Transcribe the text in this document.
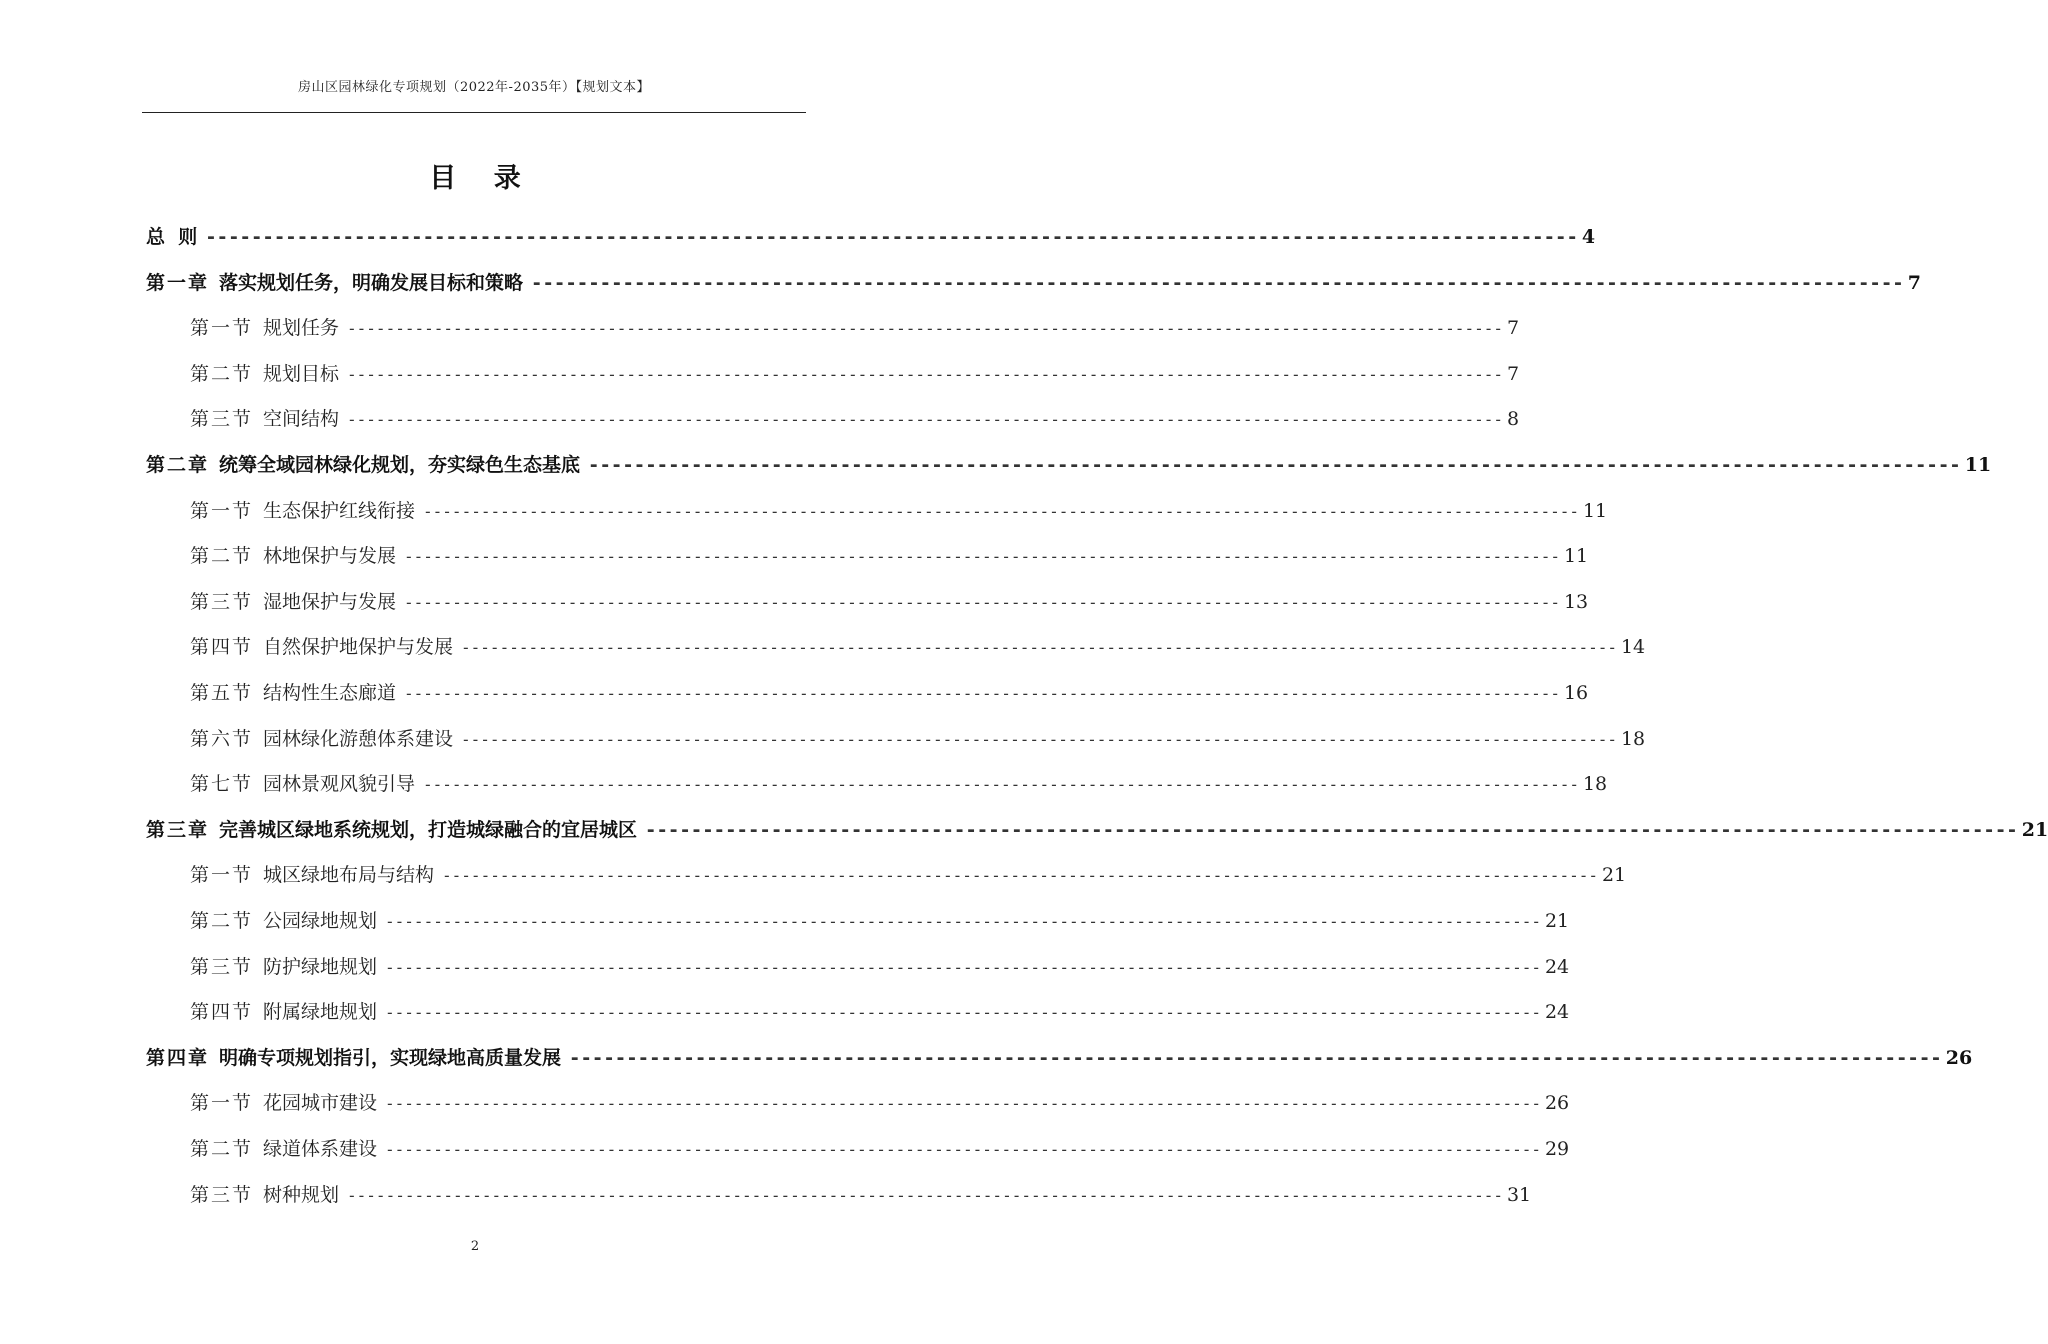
房山区园林绿化专项规划（2022年-2035年）【规划文本】
目 录
总  则 ------------------------------------------------------------------------------------------------------------------------ 4
第一章 落实规划任务，明确发展目标和策略 ------------------------------------------------------------------------------------------------------------------------ 7
第一节 规划任务 ------------------------------------------------------------------------------------------------------------------------ 7
第二节 规划目标 ------------------------------------------------------------------------------------------------------------------------ 7
第三节 空间结构 ------------------------------------------------------------------------------------------------------------------------ 8
第二章 统筹全域园林绿化规划，夯实绿色生态基底 ------------------------------------------------------------------------------------------------------------------------ 11
第一节 生态保护红线衔接 ------------------------------------------------------------------------------------------------------------------------ 11
第二节 林地保护与发展 ------------------------------------------------------------------------------------------------------------------------ 11
第三节 湿地保护与发展 ------------------------------------------------------------------------------------------------------------------------ 13
第四节 自然保护地保护与发展 ------------------------------------------------------------------------------------------------------------------------ 14
第五节 结构性生态廊道 ------------------------------------------------------------------------------------------------------------------------ 16
第六节 园林绿化游憩体系建设 ------------------------------------------------------------------------------------------------------------------------ 18
第七节 园林景观风貌引导 ------------------------------------------------------------------------------------------------------------------------ 18
第三章 完善城区绿地系统规划，打造城绿融合的宜居城区 ------------------------------------------------------------------------------------------------------------------------ 21
第一节 城区绿地布局与结构 ------------------------------------------------------------------------------------------------------------------------ 21
第二节 公园绿地规划 ------------------------------------------------------------------------------------------------------------------------ 21
第三节 防护绿地规划 ------------------------------------------------------------------------------------------------------------------------ 24
第四节 附属绿地规划 ------------------------------------------------------------------------------------------------------------------------ 24
第四章 明确专项规划指引，实现绿地高质量发展 ------------------------------------------------------------------------------------------------------------------------ 26
第一节 花园城市建设 ------------------------------------------------------------------------------------------------------------------------ 26
第二节 绿道体系建设 ------------------------------------------------------------------------------------------------------------------------ 29
第三节 树种规划 ------------------------------------------------------------------------------------------------------------------------ 31
2
